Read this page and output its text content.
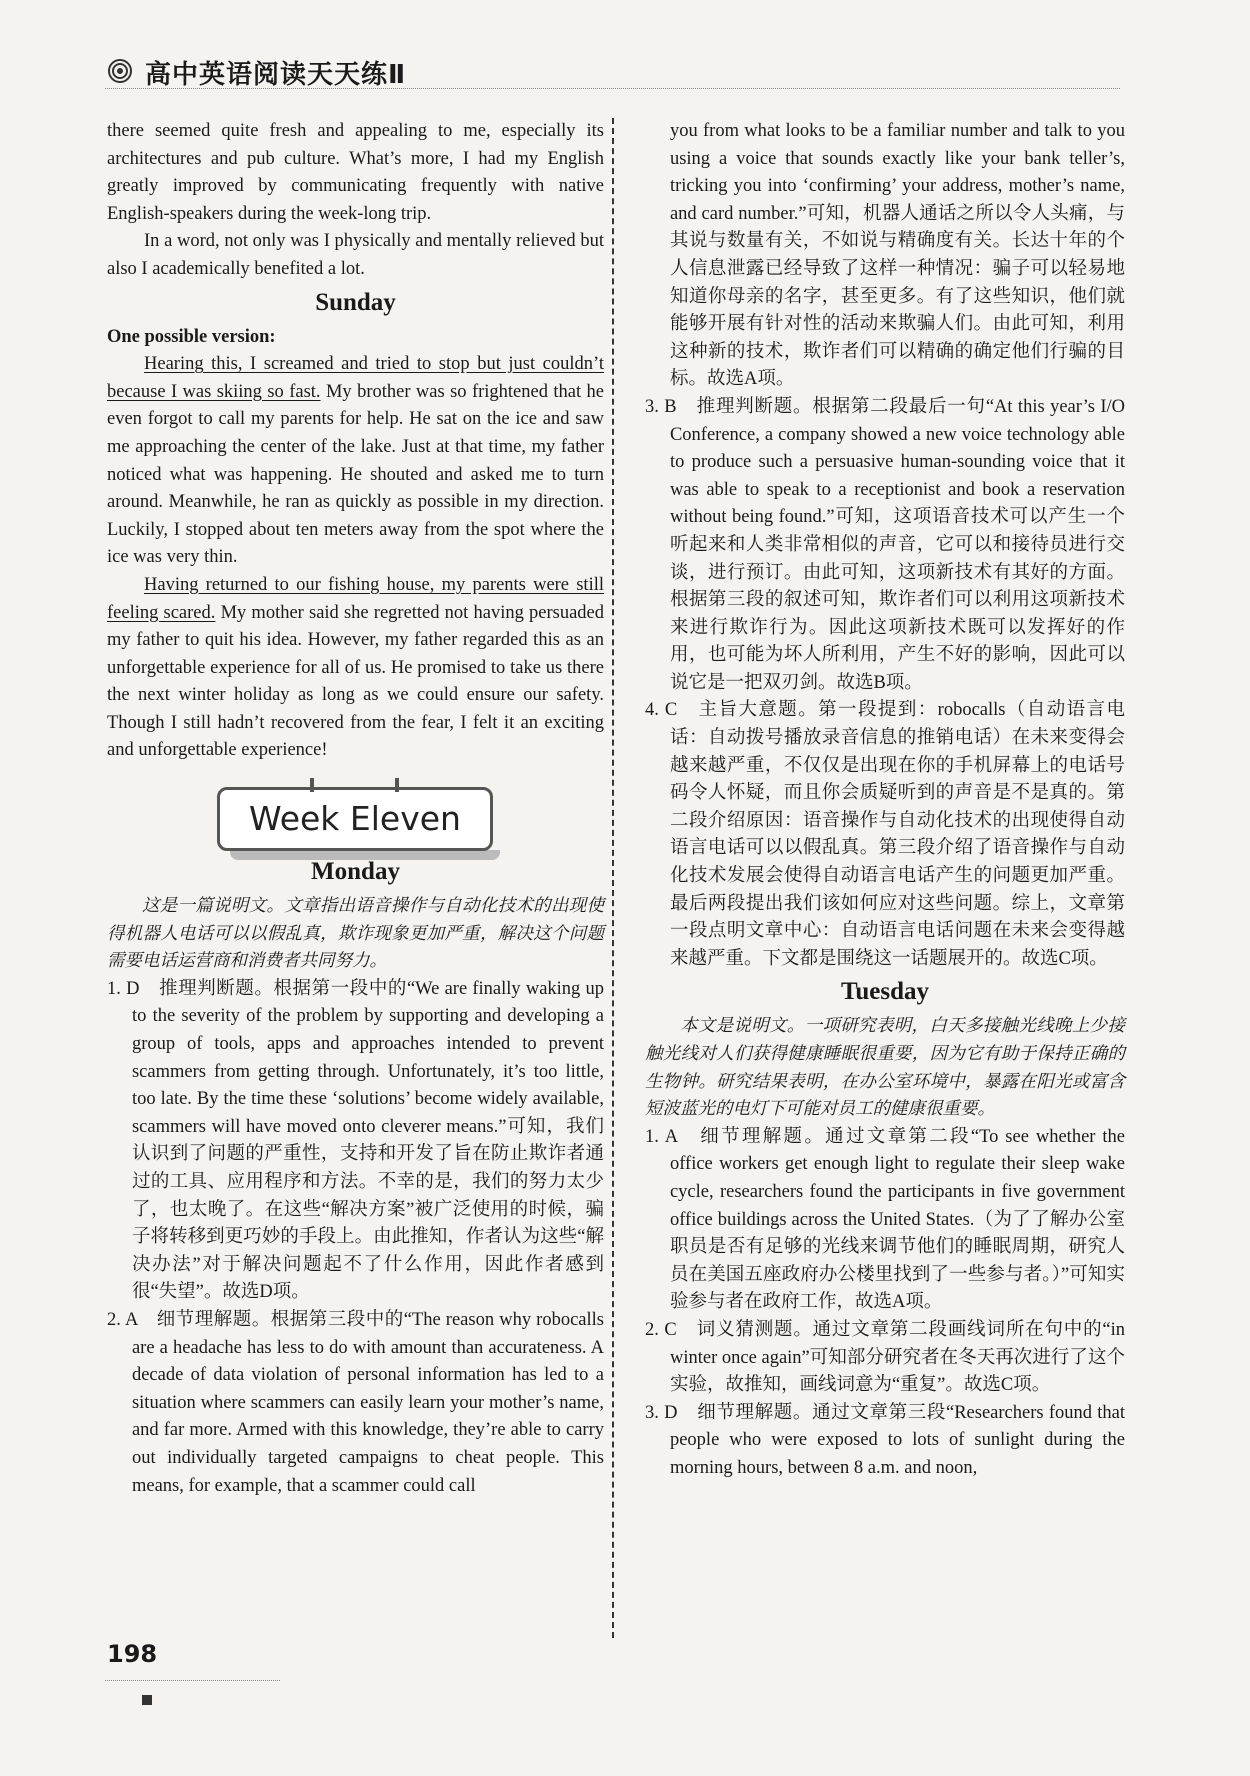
高中英语阅读天天练Ⅱ

there seemed quite fresh and appealing to me, especially its architectures and pub culture. What’s more, I had my English greatly improved by communicating frequently with native English-speakers during the week-long trip.

In a word, not only was I physically and mentally relieved but also I academically benefited a lot.

Sunday

One possible version:

Hearing this, I screamed and tried to stop but just couldn’t because I was skiing so fast. My brother was so frightened that he even forgot to call my parents for help. He sat on the ice and saw me approaching the center of the lake. Just at that time, my father noticed what was happening. He shouted and asked me to turn around. Meanwhile, he ran as quickly as possible in my direction. Luckily, I stopped about ten meters away from the spot where the ice was very thin.

Having returned to our fishing house, my parents were still feeling scared. My mother said she regretted not having persuaded my father to quit his idea. However, my father regarded this as an unforgettable experience for all of us. He promised to take us there the next winter holiday as long as we could ensure our safety. Though I still hadn’t recovered from the fear, I felt it an exciting and unforgettable experience!

Week Eleven
Monday

这是一篇说明文。文章指出语音操作与自动化技术的出现使得机器人电话可以以假乱真，欺诈现象更加严重，解决这个问题需要电话运营商和消费者共同努力。

1. D　推理判断题。根据第一段中的“We are finally waking up to the severity of the problem by supporting and developing a group of tools, apps and approaches intended to prevent scammers from getting through. Unfortunately, it’s too little, too late. By the time these ‘solutions’ become widely available, scammers will have moved onto cleverer means.”可知，我们认识到了问题的严重性，支持和开发了旨在防止欺诈者通过的工具、应用程序和方法。不幸的是，我们的努力太少了，也太晚了。在这些“解决方案”被广泛使用的时候，骗子将转移到更巧妙的手段上。由此推知，作者认为这些“解决办法”对于解决问题起不了什么作用，因此作者感到很“失望”。故选D项。

2. A　细节理解题。根据第三段中的“The reason why robocalls are a headache has less to do with amount than accurateness. A decade of data violation of personal information has led to a situation where scammers can easily learn your mother’s name, and far more. Armed with this knowledge, they’re able to carry out individually targeted campaigns to cheat people. This means, for example, that a scammer could call

you from what looks to be a familiar number and talk to you using a voice that sounds exactly like your bank teller’s, tricking you into ‘confirming’ your address, mother’s name, and card number.”可知，机器人通话之所以令人头痛，与其说与数量有关，不如说与精确度有关。长达十年的个人信息泄露已经导致了这样一种情况：骗子可以轻易地知道你母亲的名字，甚至更多。有了这些知识，他们就能够开展有针对性的活动来欺骗人们。由此可知，利用这种新的技术，欺诈者们可以精确的确定他们行骗的目标。故选A项。

3. B　推理判断题。根据第二段最后一句“At this year’s I/O Conference, a company showed a new voice technology able to produce such a persuasive human-sounding voice that it was able to speak to a receptionist and book a reservation without being found.”可知，这项语音技术可以产生一个听起来和人类非常相似的声音，它可以和接待员进行交谈，进行预订。由此可知，这项新技术有其好的方面。根据第三段的叙述可知，欺诈者们可以利用这项新技术来进行欺诈行为。因此这项新技术既可以发挥好的作用，也可能为坏人所利用，产生不好的影响，因此可以说它是一把双刃剑。故选B项。

4. C　主旨大意题。第一段提到：robocalls（自动语言电话：自动拨号播放录音信息的推销电话）在未来变得会越来越严重，不仅仅是出现在你的手机屏幕上的电话号码令人怀疑，而且你会质疑听到的声音是不是真的。第二段介绍原因：语音操作与自动化技术的出现使得自动语言电话可以以假乱真。第三段介绍了语音操作与自动化技术发展会使得自动语言电话产生的问题更加严重。最后两段提出我们该如何应对这些问题。综上，文章第一段点明文章中心：自动语言电话问题在未来会变得越来越严重。下文都是围绕这一话题展开的。故选C项。

Tuesday

本文是说明文。一项研究表明，白天多接触光线晚上少接触光线对人们获得健康睡眠很重要，因为它有助于保持正确的生物钟。研究结果表明，在办公室环境中，暴露在阳光或富含短波蓝光的电灯下可能对员工的健康很重要。

1. A　细节理解题。通过文章第二段“To see whether the office workers get enough light to regulate their sleep wake cycle, researchers found the participants in five government office buildings across the United States.（为了了解办公室职员是否有足够的光线来调节他们的睡眠周期，研究人员在美国五座政府办公楼里找到了一些参与者。）”可知实验参与者在政府工作，故选A项。

2. C　词义猜测题。通过文章第二段画线词所在句中的“in winter once again”可知部分研究者在冬天再次进行了这个实验，故推知，画线词意为“重复”。故选C项。

3. D　细节理解题。通过文章第三段“Researchers found that people who were exposed to lots of sunlight during the morning hours, between 8 a.m. and noon,

198
